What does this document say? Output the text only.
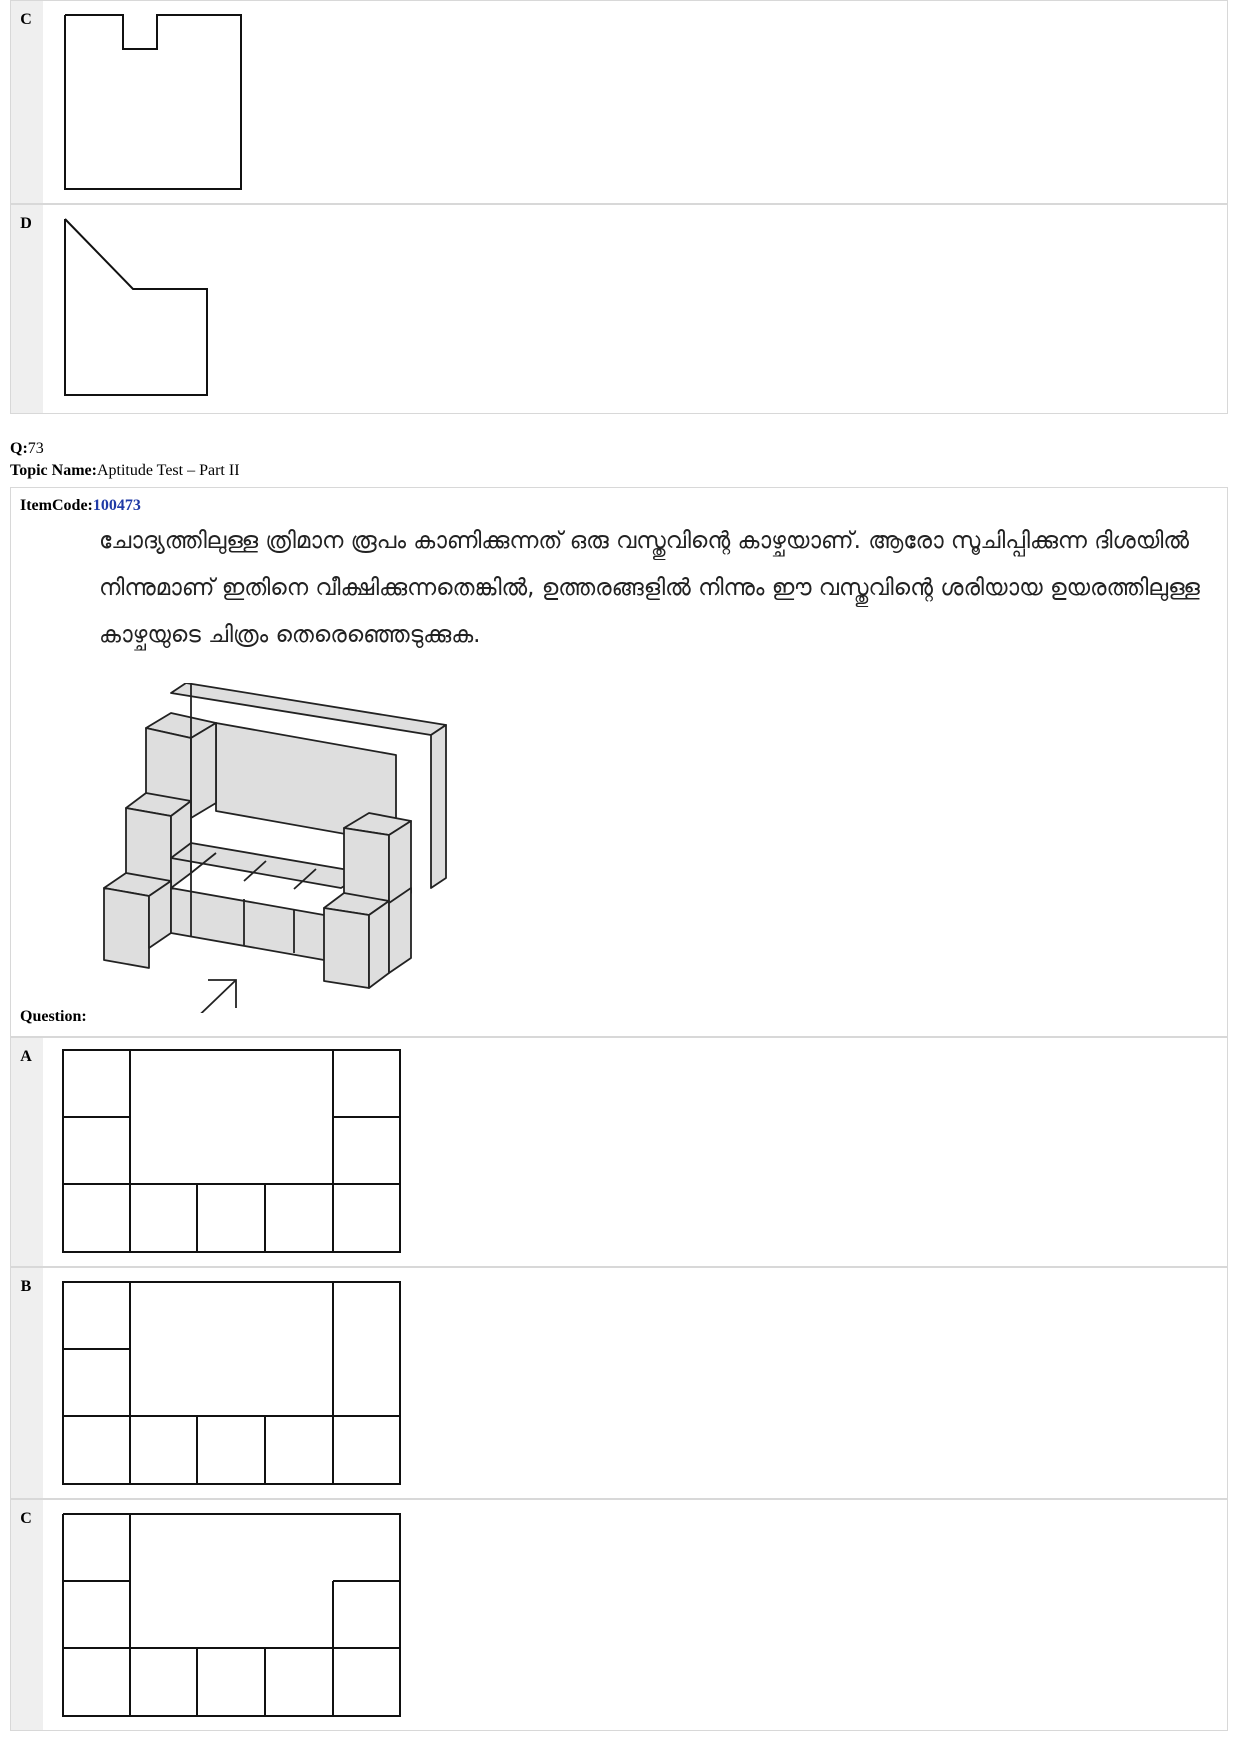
C
D
Q:73
Topic Name:Aptitude Test – Part II
ItemCode:100473
ചോദ്യത്തിലുള്ള ത്രിമാന രൂപം കാണിക്കുന്നത് ഒരു വസ്തുവിന്റെ കാഴ്ചയാണ്. ആരോ സൂചിപ്പിക്കുന്ന ദിശയിൽ നിന്നുമാണ് ഇതിനെ വീക്ഷിക്കുന്നതെങ്കിൽ, ഉത്തരങ്ങളിൽ നിന്നും ഈ വസ്തുവിന്റെ ശരിയായ ഉയരത്തിലുള്ള കാഴ്ചയുടെ ചിത്രം തെരെഞ്ഞെടുക്കുക.
Question:
A
B
C
